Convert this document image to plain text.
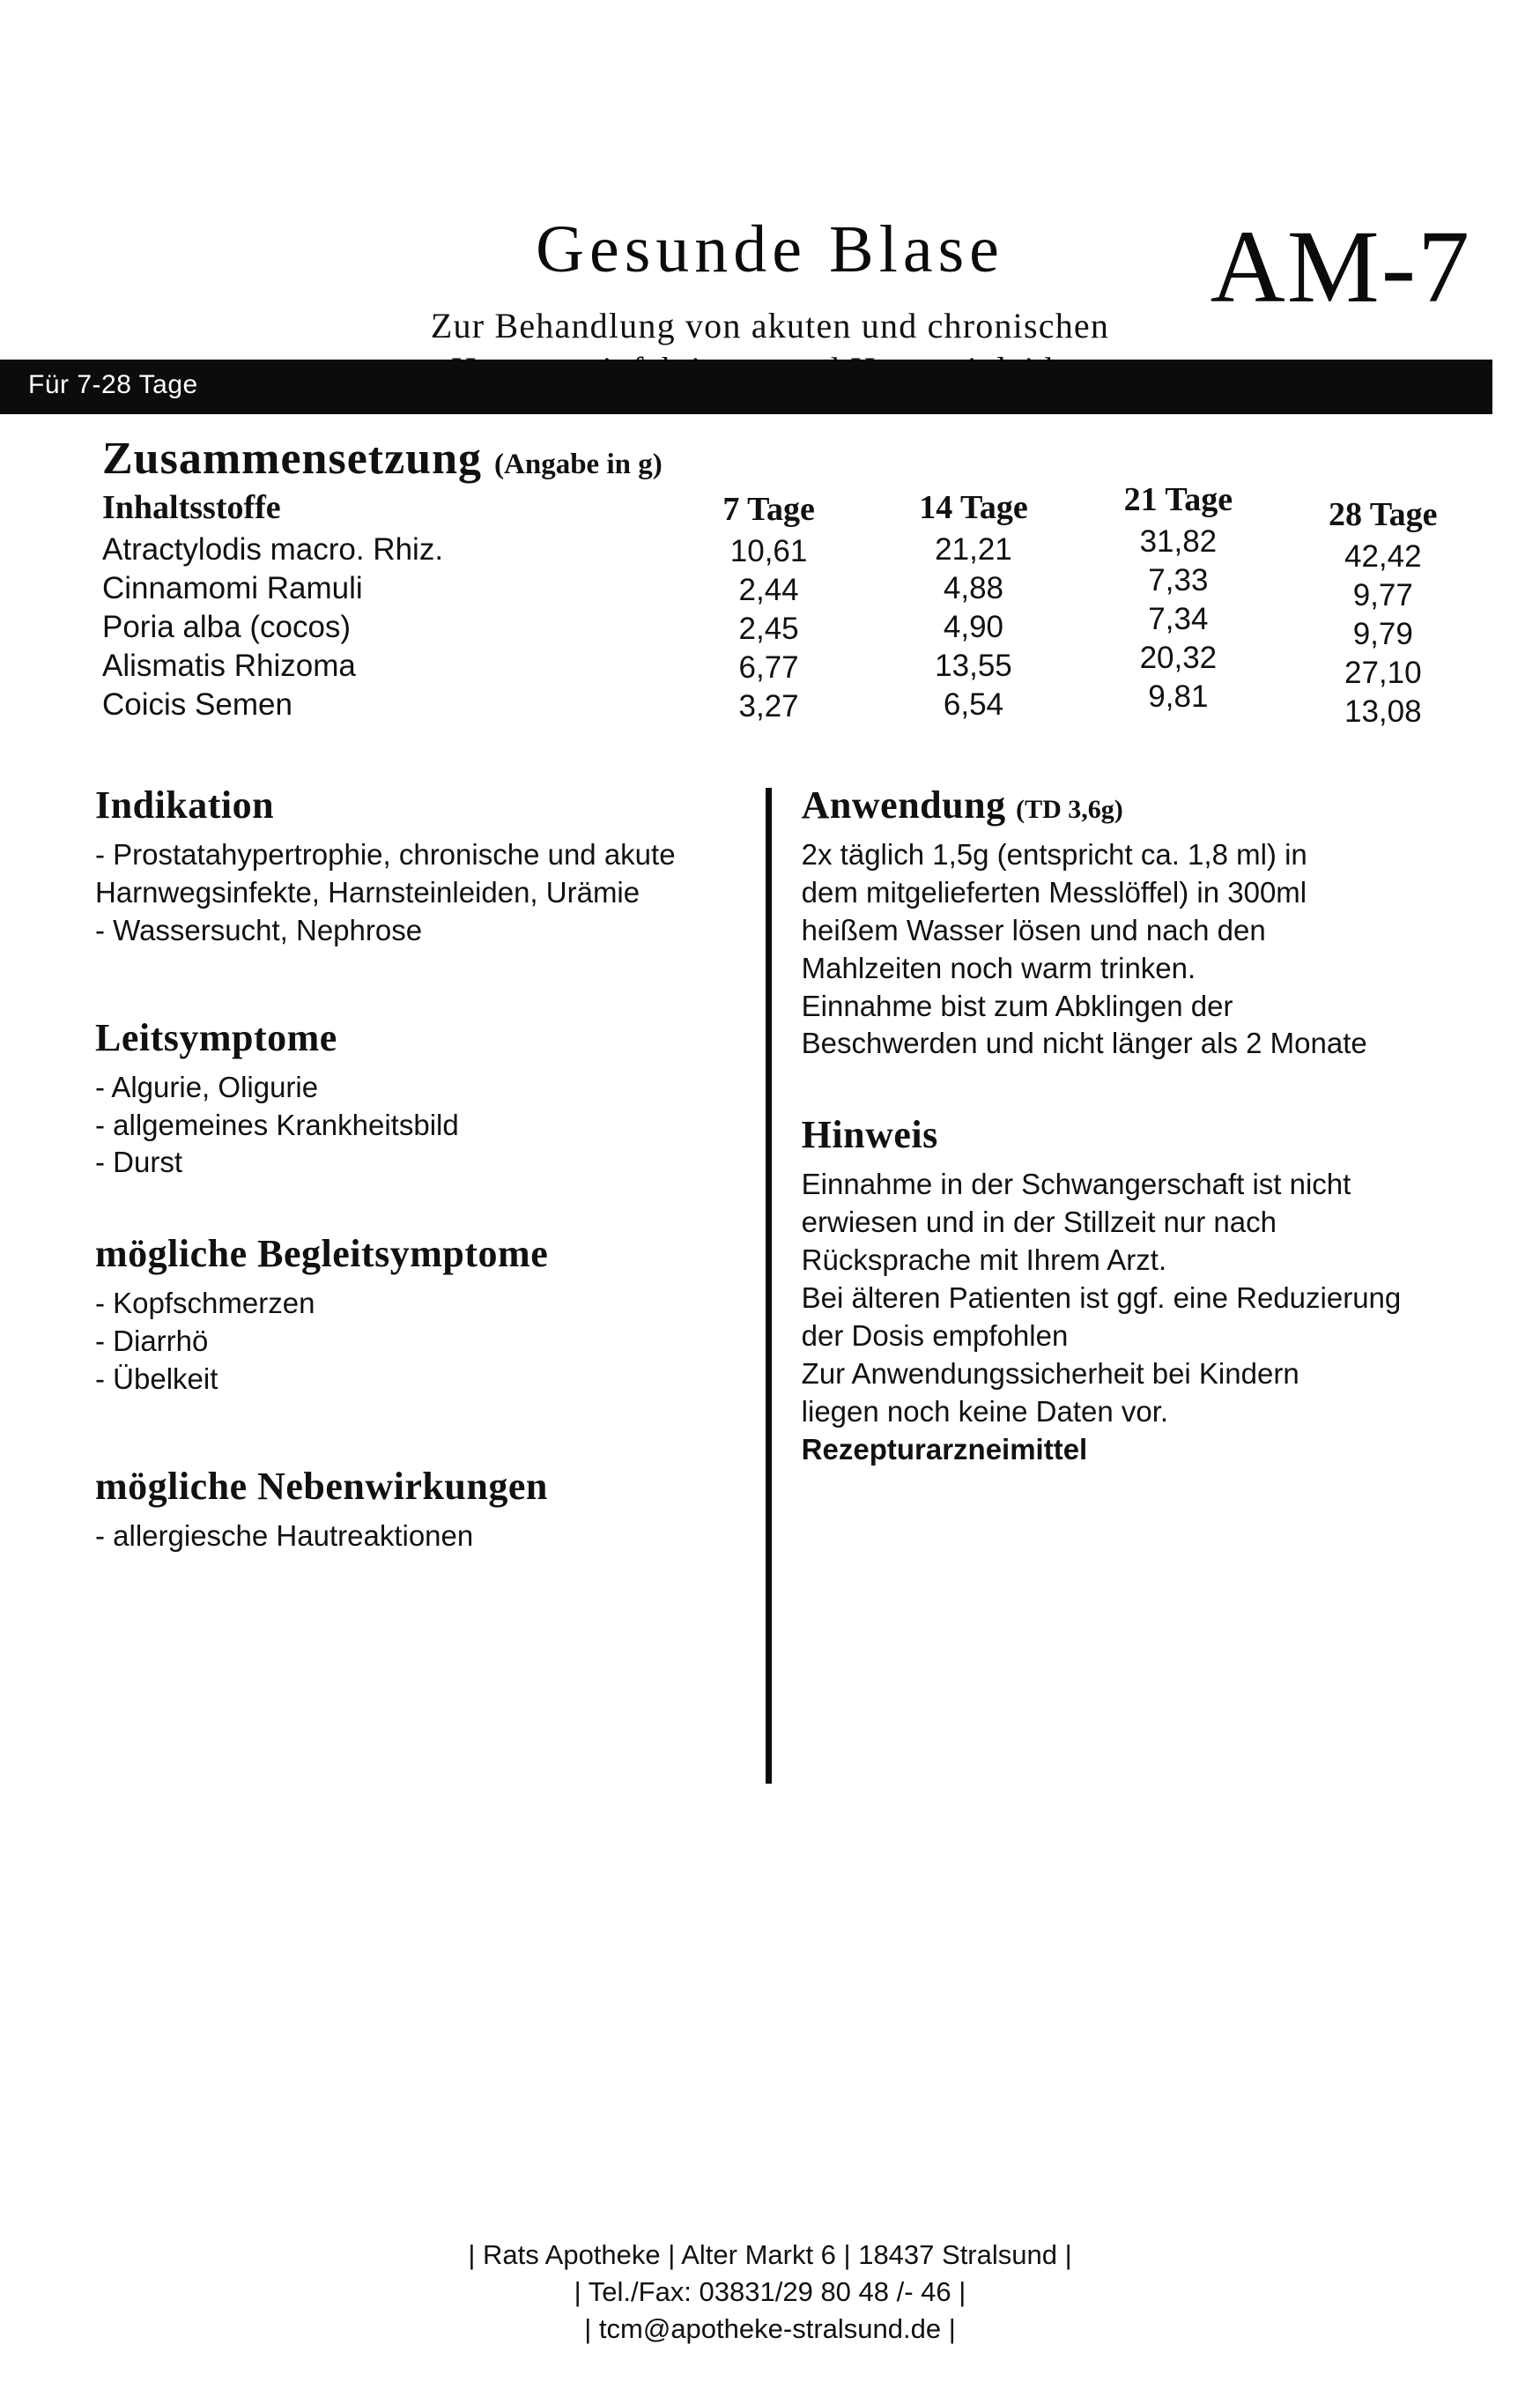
AM-7
Für 7-28 Tage
Gesunde Blase
Zur Behandlung von akuten und chronischen
Zusammensetzung (Angabe in g)
Inhaltsstoffe	7 Tage	14 Tage	21 Tage	28 Tage
Atractylodis macro. Rhiz.	10,61	21,21	31,82	42,42
Cinnamomi Ramuli	2,44	4,88	7,33	9,77
Poria alba (cocos)	2,45	4,90	7,34	9,79
Alismatis Rhizoma	6,77	13,55	20,32	27,10
Coicis Semen	3,27	6,54	9,81	13,08
Indikation

- Prostatahypertrophie, chronische und akute

Harnwegsinfekte, Harnsteinleiden, Urämie

- Wassersucht, Nephrose

Leitsymptome

- Algurie, Oligurie

- allgemeines Krankheitsbild

- Durst

mögliche Begleitsymptome

- Kopfschmerzen

- Diarrhö

- Übelkeit

mögliche Nebenwirkungen

- allergiesche Hautreaktionen

Anwendung (TD 3,6g)

2x täglich 1,5g (entspricht ca. 1,8 ml) in

dem mitgelieferten Messlöffel) in 300ml

heißem Wasser lösen und nach den

Mahlzeiten noch warm trinken.

Einnahme bist zum Abklingen der

Beschwerden und nicht länger als 2 Monate

Hinweis

Einnahme in der Schwangerschaft ist nicht

erwiesen und in der Stillzeit nur nach

Rücksprache mit Ihrem Arzt.

Bei älteren Patienten ist ggf. eine Reduzierung

der Dosis empfohlen

Zur Anwendungssicherheit bei Kindern

liegen noch keine Daten vor.

Rezepturarzneimittel

| Rats Apotheke | Alter Markt 6 | 18437 Stralsund |
| Tel./Fax: 03831/29 80 48 /- 46 |
| tcm@apotheke-stralsund.de |
